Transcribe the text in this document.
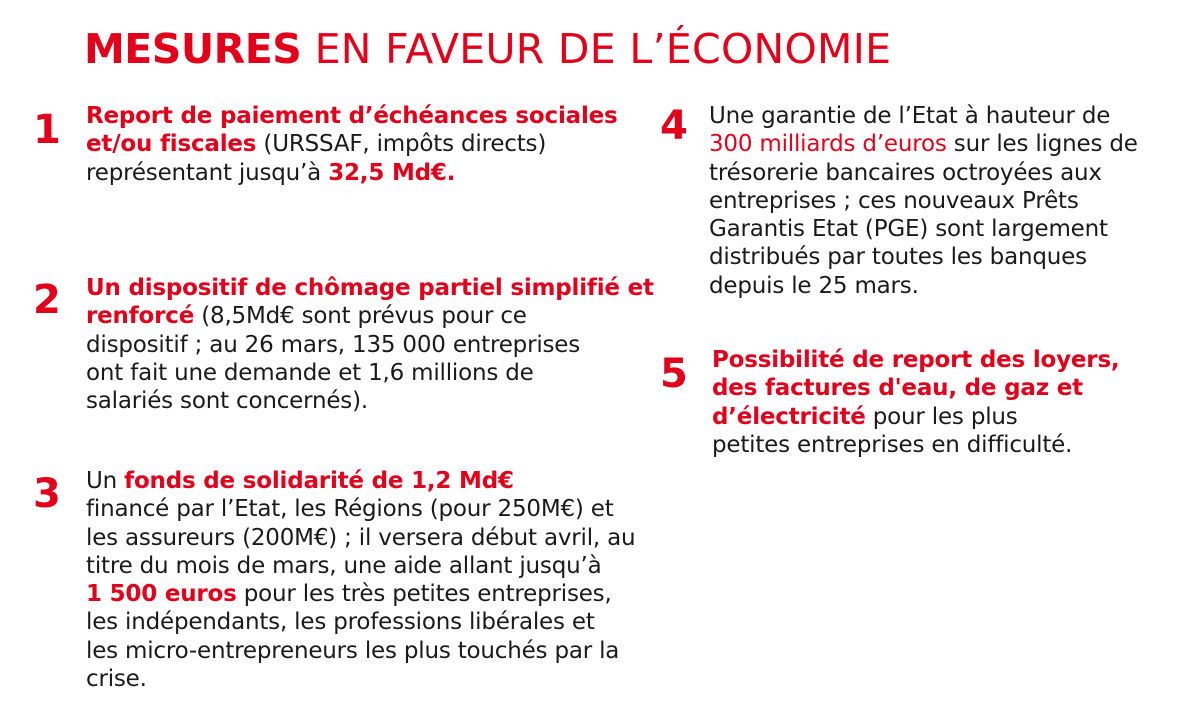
MESURES EN FAVEUR DE L’ÉCONOMIE
1 Report de paiement d’échéances sociales
et/ou fiscales (URSSAF, impôts directs)
représentant jusqu’à 32,5 Md€.
2 Un dispositif de chômage partiel simplifié et
renforcé (8,5Md€ sont prévus pour ce
dispositif ; au 26 mars, 135 000 entreprises
ont fait une demande et 1,6 millions de
salariés sont concernés).
3 Un fonds de solidarité de 1,2 Md€
financé par l’Etat, les Régions (pour 250M€) et
les assureurs (200M€) ; il versera début avril, au
titre du mois de mars, une aide allant jusqu’à
1 500 euros pour les très petites entreprises,
les indépendants, les professions libérales et
les micro-entrepreneurs les plus touchés par la
crise.
4 Une garantie de l’Etat à hauteur de
300 milliards d’euros sur les lignes de
trésorerie bancaires octroyées aux
entreprises ; ces nouveaux Prêts
Garantis Etat (PGE) sont largement
distribués par toutes les banques
depuis le 25 mars.
5 Possibilité de report des loyers,
des factures d'eau, de gaz et
d’électricité pour les plus
petites entreprises en difficulté.
